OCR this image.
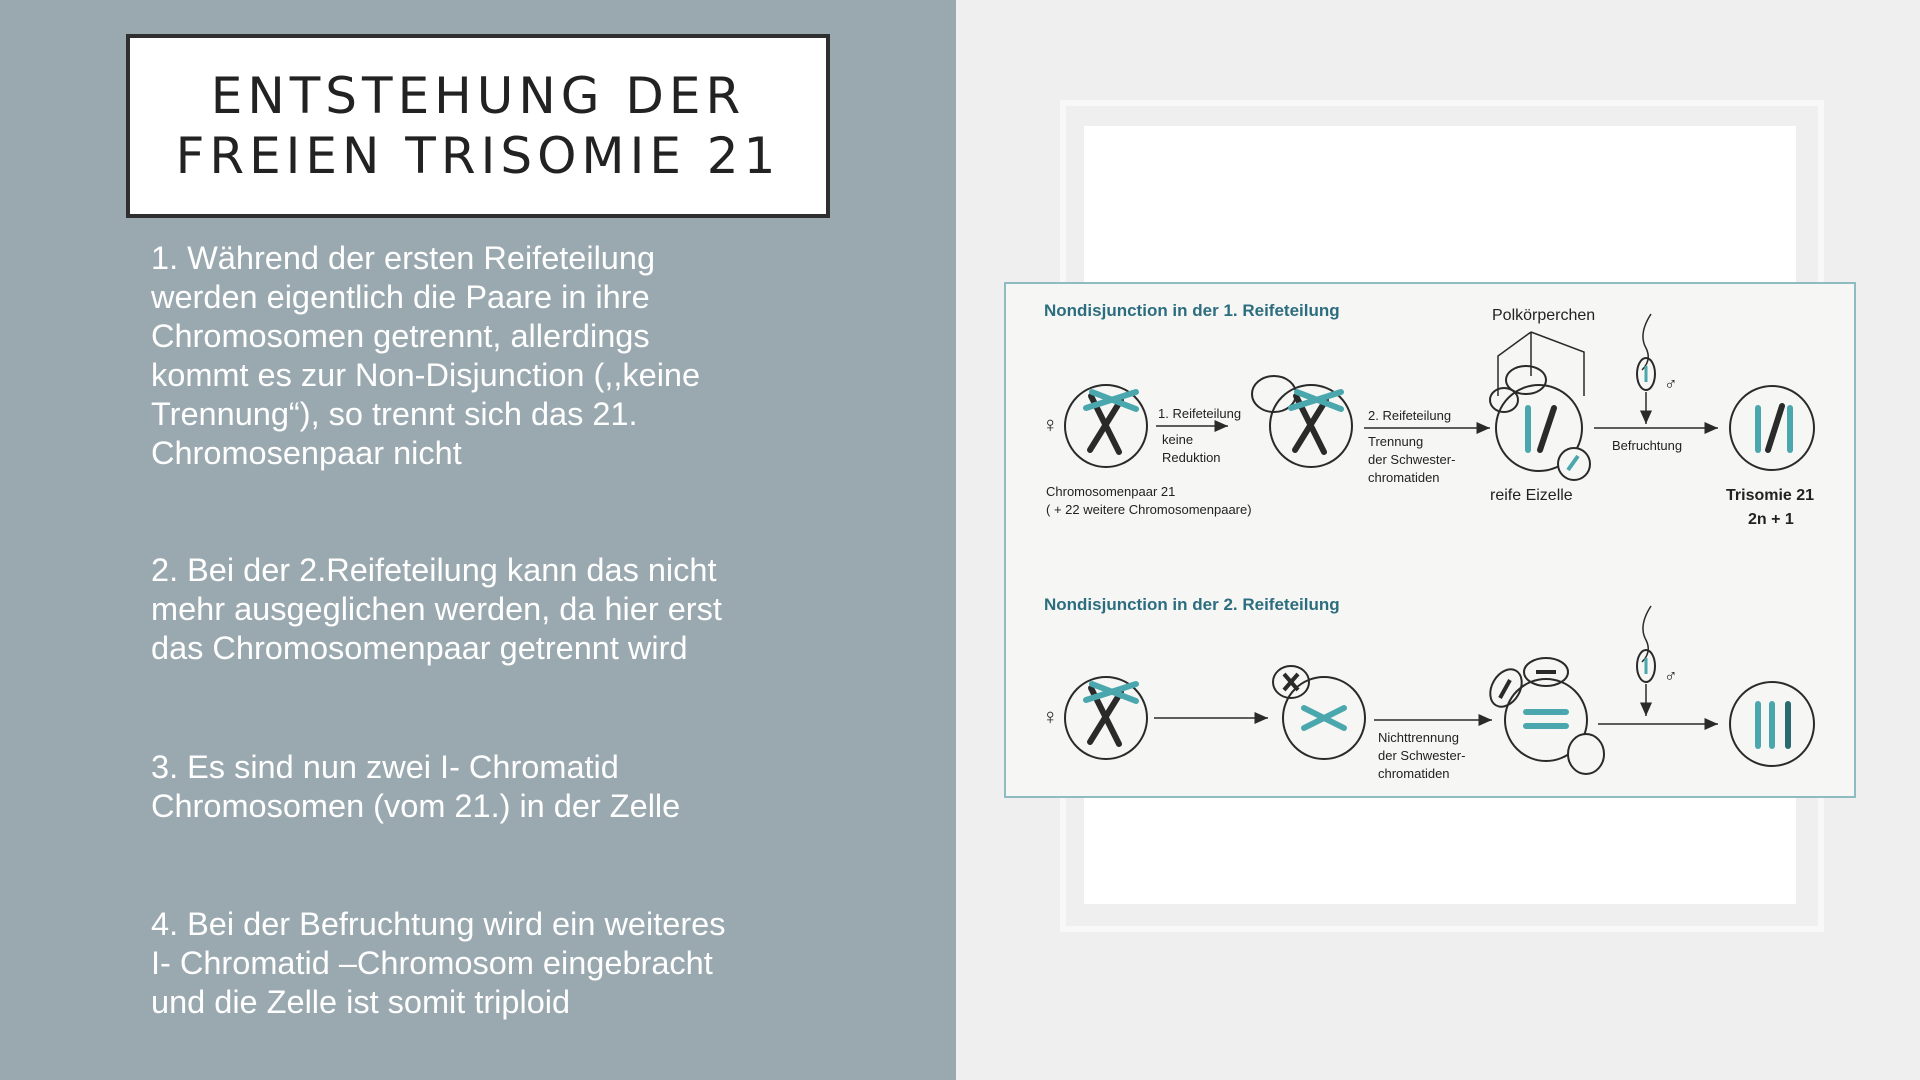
ENTSTEHUNG DER
FREIEN TRISOMIE 21
1. Während der ersten Reifeteilung
werden eigentlich die Paare in ihre
Chromosomen getrennt, allerdings
kommt es zur Non-Disjunction (,,keine
Trennung“), so trennt sich das 21.
Chromosenpaar nicht
2. Bei der 2.Reifeteilung kann das nicht
mehr ausgeglichen werden, da hier erst
das Chromosomenpaar getrennt wird
3. Es sind nun zwei I- Chromatid
Chromosomen (vom 21.) in der Zelle
4. Bei der Befruchtung wird ein weiteres
I- Chromatid –Chromosom eingebracht
und die Zelle ist somit triploid
Nondisjunction in der 1. Reifeteilung	Polkörperchen
♀	1. Reifeteilung
keine
Reduktion
2. Reifeteilung
Trennung
der Schwester-
chromatiden
reife Eizelle
♂
Befruchtung
Trisomie 21
2n + 1
Chromosomenpaar 21
( + 22 weitere Chromosomenpaare)
Nondisjunction in der 2. Reifeteilung
♀
Nichttrennung
der Schwester-
chromatiden
♂
